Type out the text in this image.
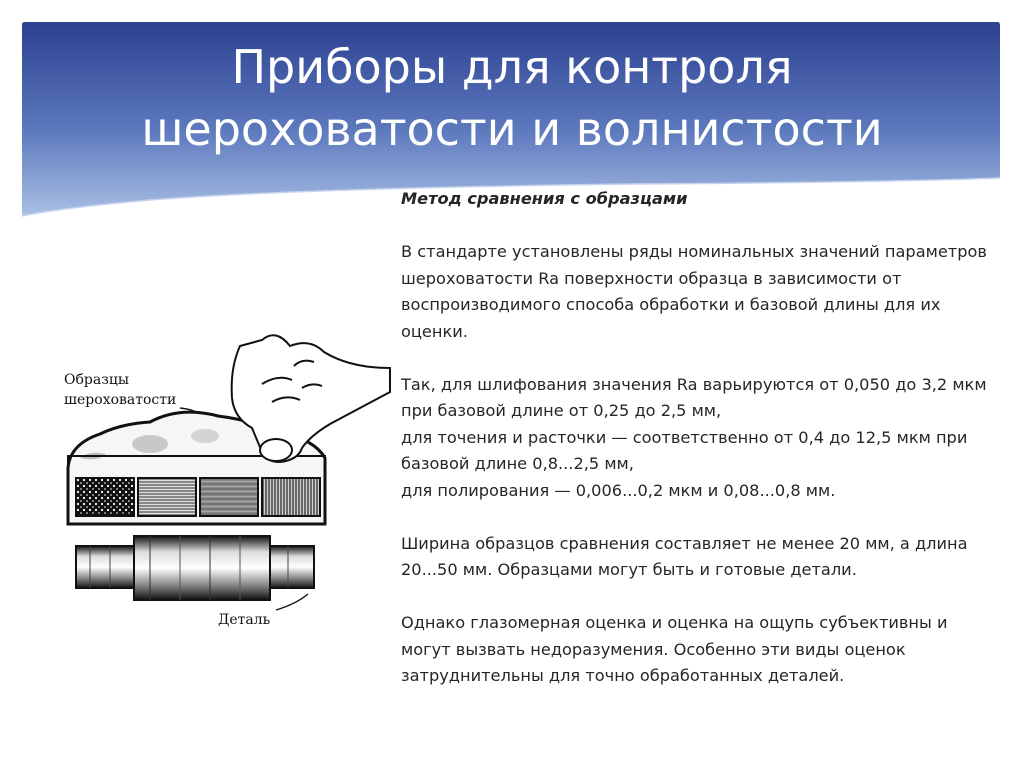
Приборы для контроля
шероховатости и волнистости
Образцы
шероховатости
Деталь

Метод сравнения с образцами

В стандарте установлены ряды номинальных значений параметров шероховатости Ra поверхности образца в зависимости от воспроизводимого способа обработки и базовой длины для их оценки.

Так, для шлифования значения Ra варьируются от 0,050 до 3,2 мкм при базовой длине от 0,25 до 2,5 мм,

для точения и расточки — соответственно от 0,4 до 12,5 мкм при базовой длине 0,8...2,5 мм,

для полирования — 0,006...0,2 мкм и 0,08...0,8 мм.

Ширина образцов сравнения составляет не менее 20 мм, а длина 20...50 мм. Образцами могут быть и готовые детали.

Однако глазомерная оценка и оценка на ощупь субъективны и могут вызвать недоразумения. Особенно эти виды оценок затруднительны для точно обработанных деталей.
